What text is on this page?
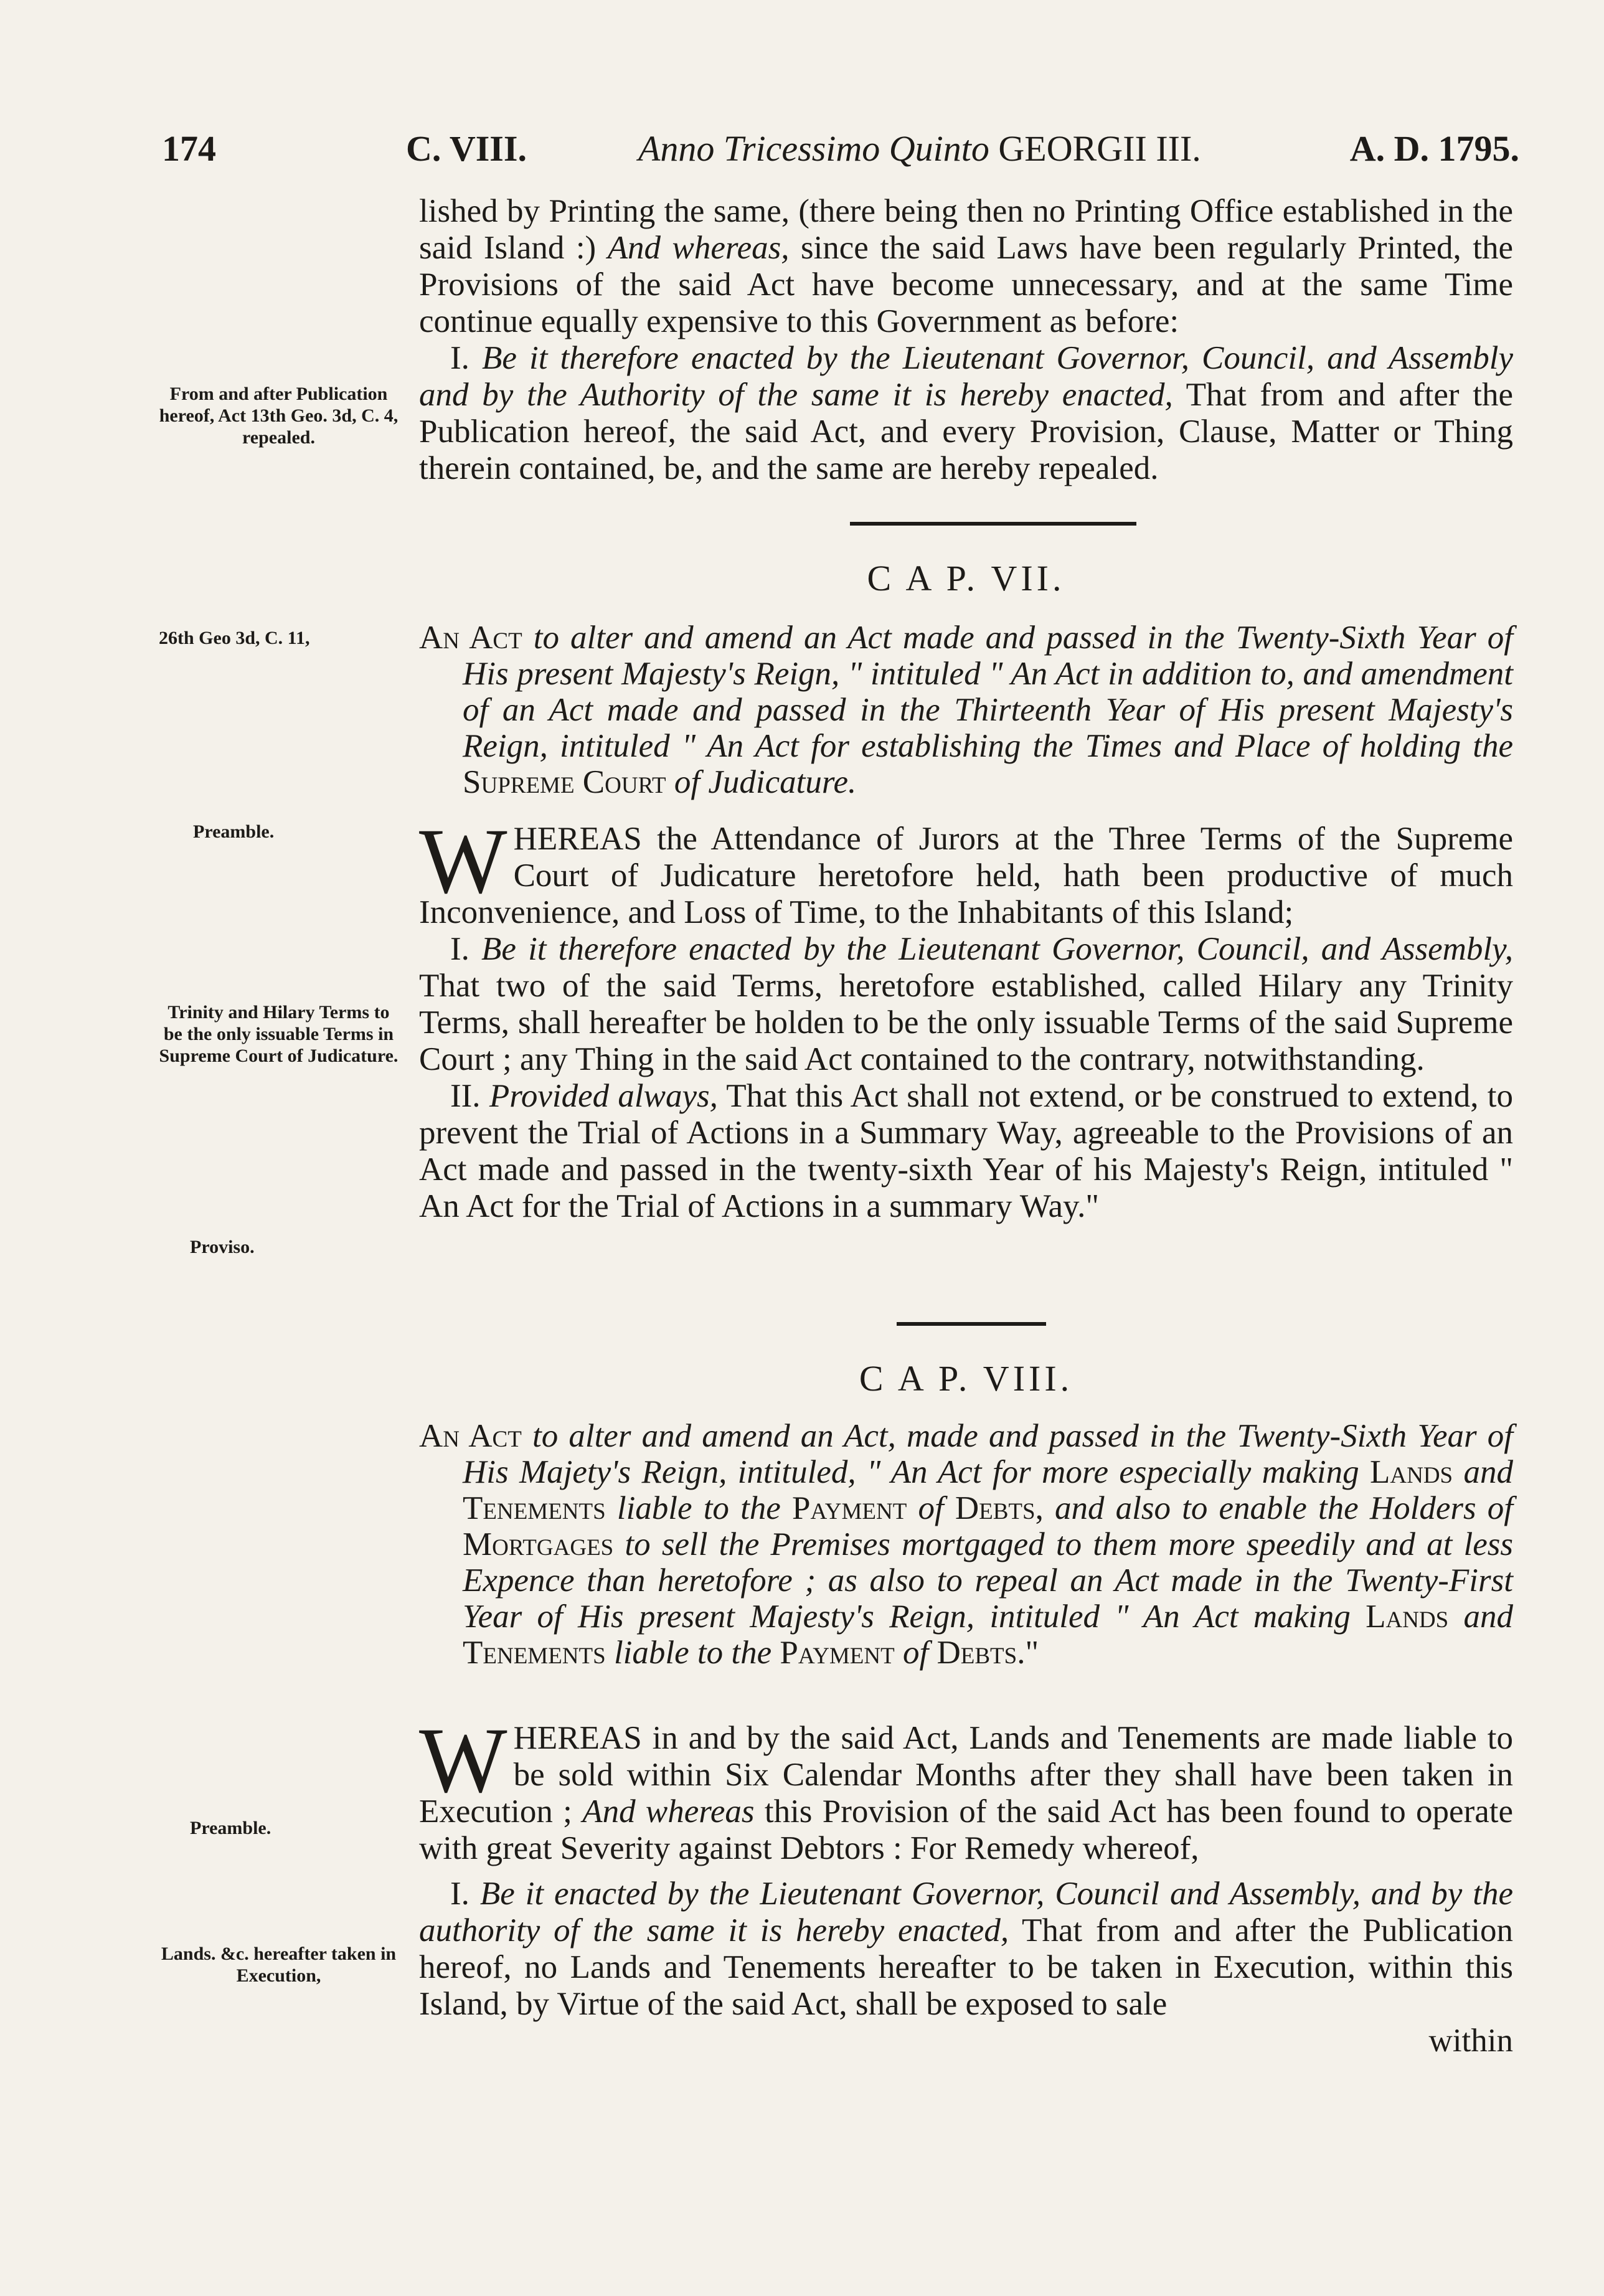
174	C. VIII.	Anno Tricessimo Quinto GEORGII III.	A. D. 1795.
From and after Publication hereof, Act 13th Geo. 3d, C. 4, repealed.
26th Geo 3d, C. 11,
Preamble.
Trinity and Hilary Terms to be the only issuable Terms in Supreme Court of Judicature.
Proviso.
Preamble.
Lands. &c. hereafter taken in Execution,

lished by Printing the same, (there being then no Printing Office established in the said Island :) And whereas, since the said Laws have been regularly Printed, the Provisions of the said Act have become unnecessary, and at the same Time continue equally expensive to this Government as before:

I. Be it therefore enacted by the Lieutenant Governor, Council, and Assembly and by the Authority of the same it is hereby enacted, That from and after the Publication hereof, the said Act, and every Provision, Clause, Matter or Thing therein contained, be, and the same are hereby repealed.

C A P. VII.
An Act to alter and amend an Act made and passed in the Twenty-Sixth Year of His present Majesty's Reign, " intituled " An Act in addition to, and amendment of an Act made and passed in the Thirteenth Year of His present Majesty's Reign, intituled " An Act for establishing the Times and Place of holding the Supreme Court of Judicature.

WHEREAS the Attendance of Jurors at the Three Terms of the Supreme Court of Judicature heretofore held, hath been productive of much Inconvenience, and Loss of Time, to the Inhabitants of this Island;

I. Be it therefore enacted by the Lieutenant Governor, Council, and Assembly, That two of the said Terms, heretofore established, called Hilary any Trinity Terms, shall hereafter be holden to be the only issuable Terms of the said Supreme Court ; any Thing in the said Act contained to the contrary, notwithstanding.

II. Provided always, That this Act shall not extend, or be construed to extend, to prevent the Trial of Actions in a Summary Way, agreeable to the Provisions of an Act made and passed in the twenty-sixth Year of his Majesty's Reign, intituled " An Act for the Trial of Actions in a summary Way."

C A P. VIII.
An Act to alter and amend an Act, made and passed in the Twenty-Sixth Year of His Majety's Reign, intituled, " An Act for more especially making Lands and Tenements liable to the Payment of Debts, and also to enable the Holders of Mortgages to sell the Premises mortgaged to them more speedily and at less Expence than heretofore ; as also to repeal an Act made in the Twenty-First Year of His present Majesty's Reign, intituled " An Act making Lands and Tenements liable to the Payment of Debts."

WHEREAS in and by the said Act, Lands and Tenements are made liable to be sold within Six Calendar Months after they shall have been taken in Execution ; And whereas this Provision of the said Act has been found to operate with great Severity against Debtors : For Remedy whereof,

I. Be it enacted by the Lieutenant Governor, Council and Assembly, and by the authority of the same it is hereby enacted, That from and after the Publication hereof, no Lands and Tenements hereafter to be taken in Execution, within this Island, by Virtue of the said Act, shall be exposed to sale

within
